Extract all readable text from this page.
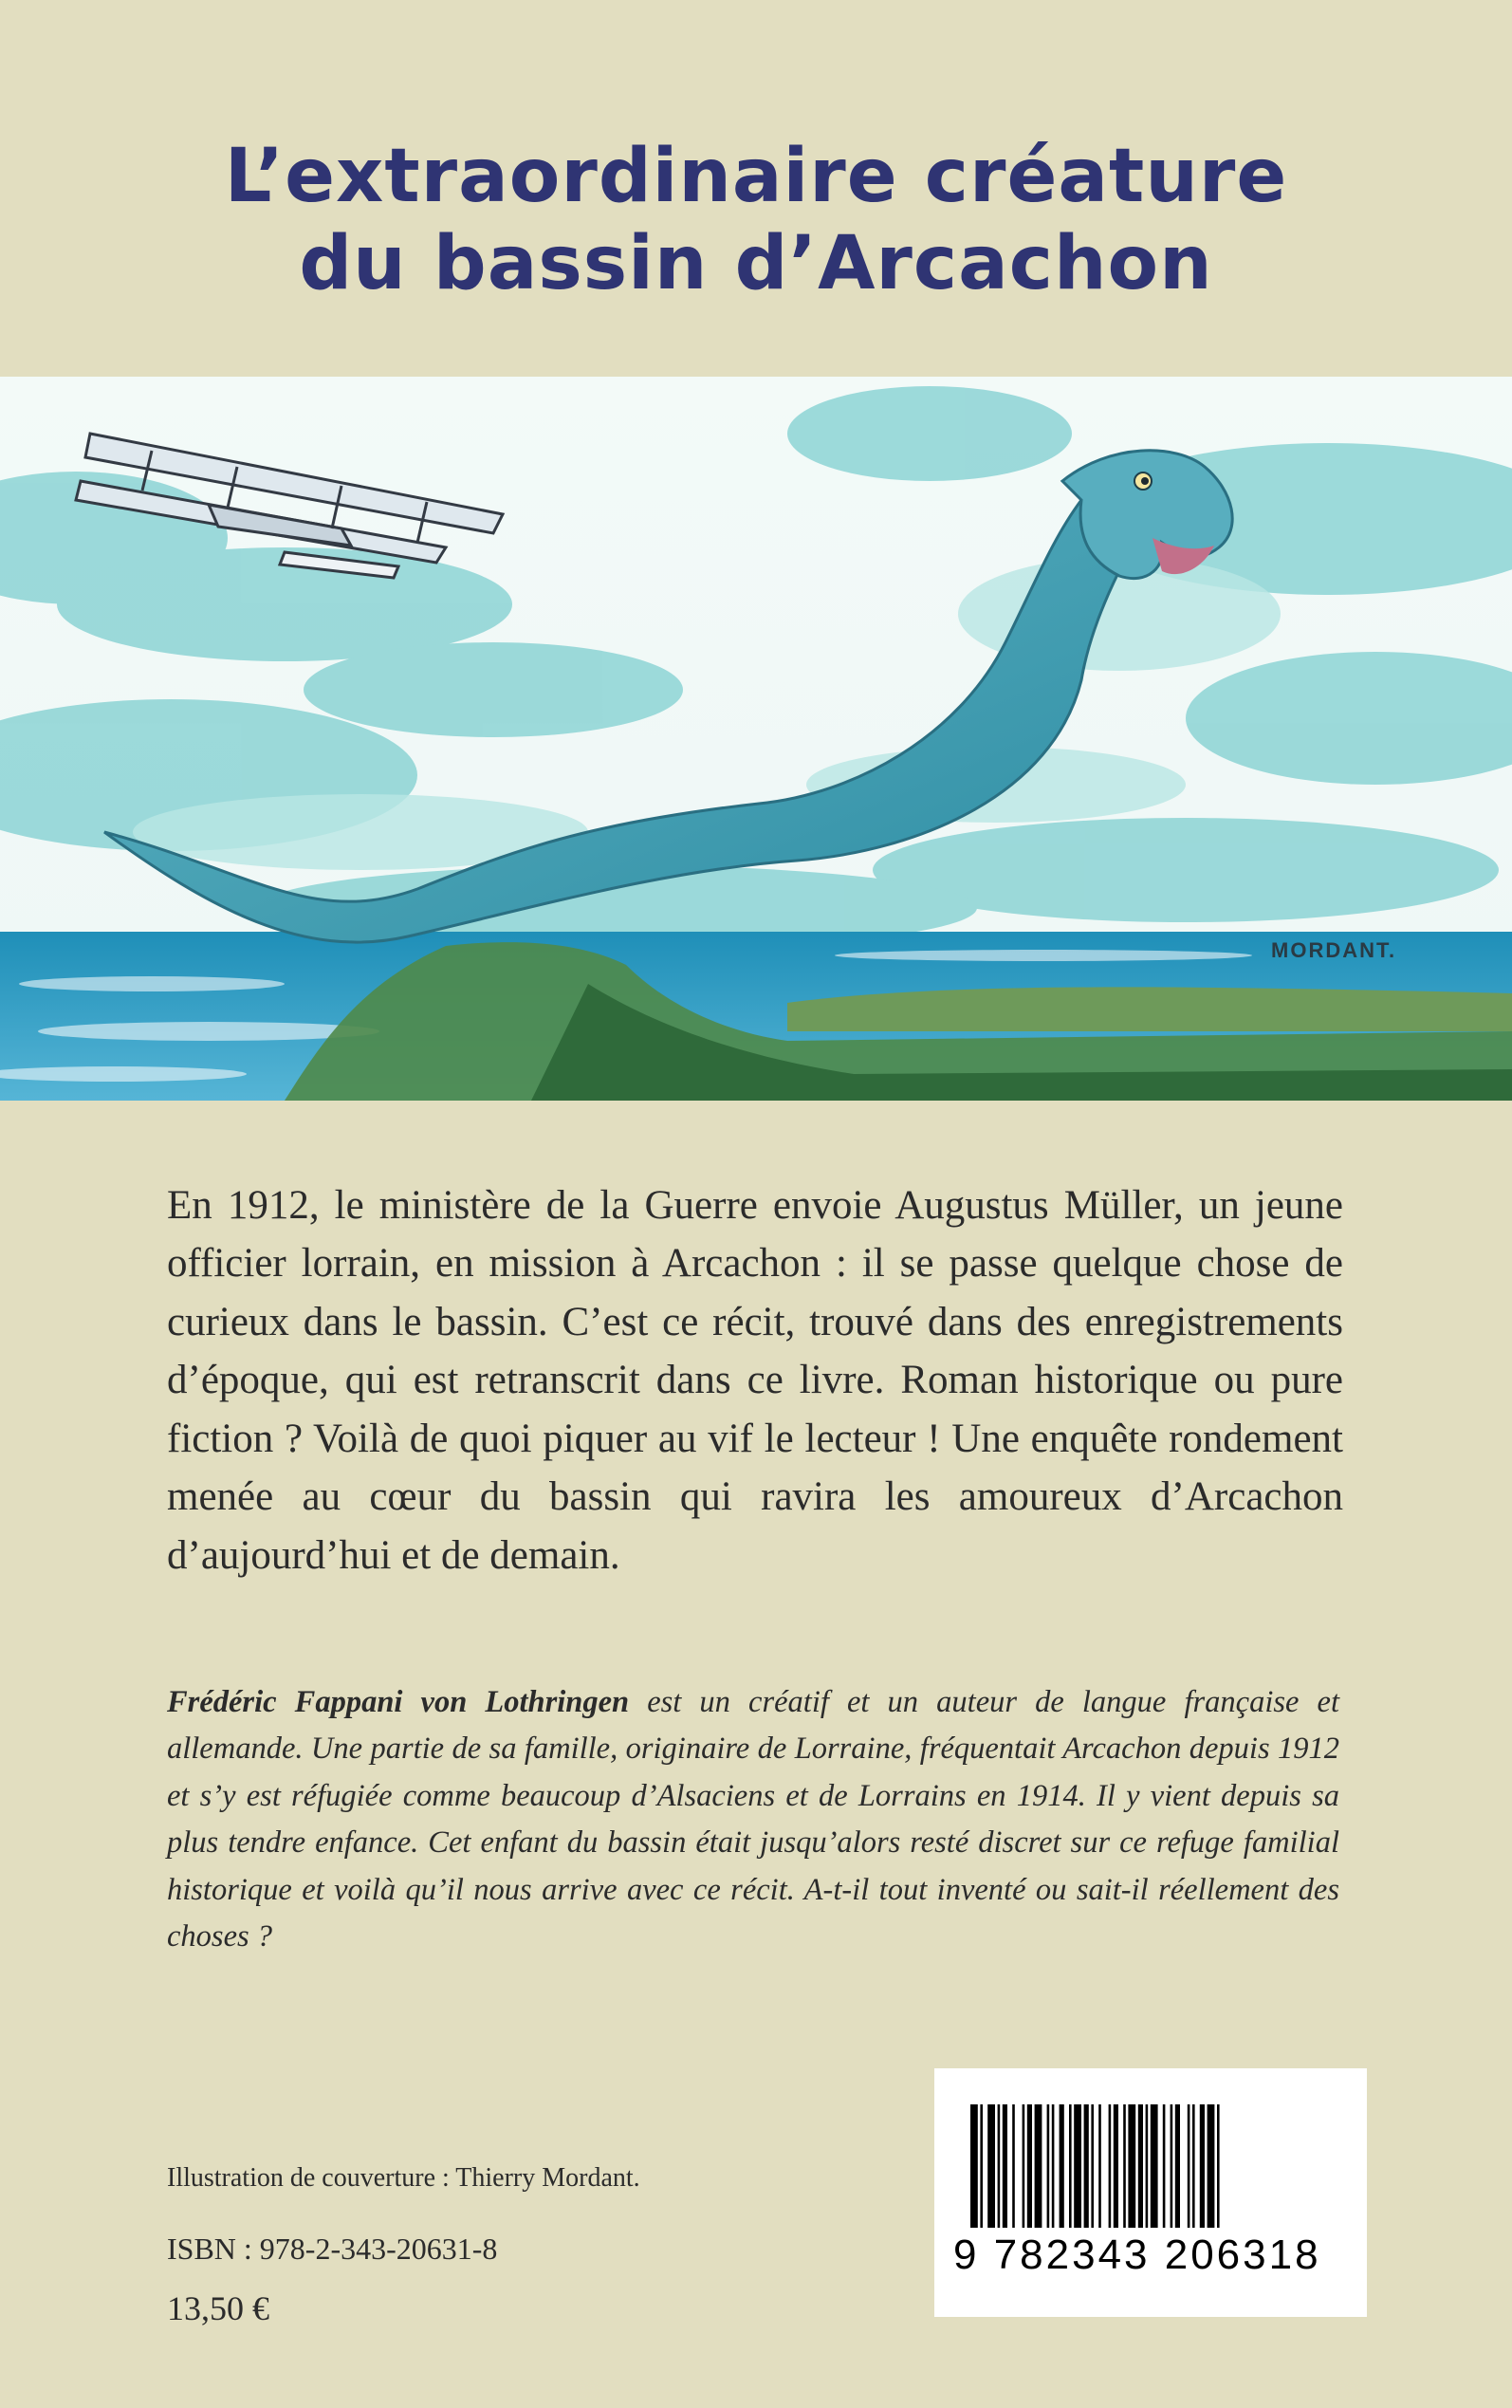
L’extraordinaire créature
du bassin d’Arcachon
MORDANT.
En 1912, le ministère de la Guerre envoie Augustus Müller, un jeune officier lorrain, en mission à Arcachon : il se passe quelque chose de curieux dans le bassin. C’est ce récit, trouvé dans des enregistrements d’époque, qui est retranscrit dans ce livre. Roman historique ou pure fiction ? Voilà de quoi piquer au vif le lecteur ! Une enquête rondement menée au cœur du bassin qui ravira les amoureux d’Arcachon d’aujourd’hui et de demain.
Frédéric Fappani von Lothringen est un créatif et un auteur de langue française et allemande. Une partie de sa famille, originaire de Lorraine, fréquentait Arcachon depuis 1912 et s’y est réfugiée comme beaucoup d’Alsaciens et de Lorrains en 1914. Il y vient depuis sa plus tendre enfance. Cet enfant du bassin était jusqu’alors resté discret sur ce refuge familial historique et voilà qu’il nous arrive avec ce récit. A-t-il tout inventé ou sait-il réellement des choses ?
Illustration de couverture : Thierry Mordant.
ISBN : 978-2-343-20631-8
13,50 €
9 782343 206318
